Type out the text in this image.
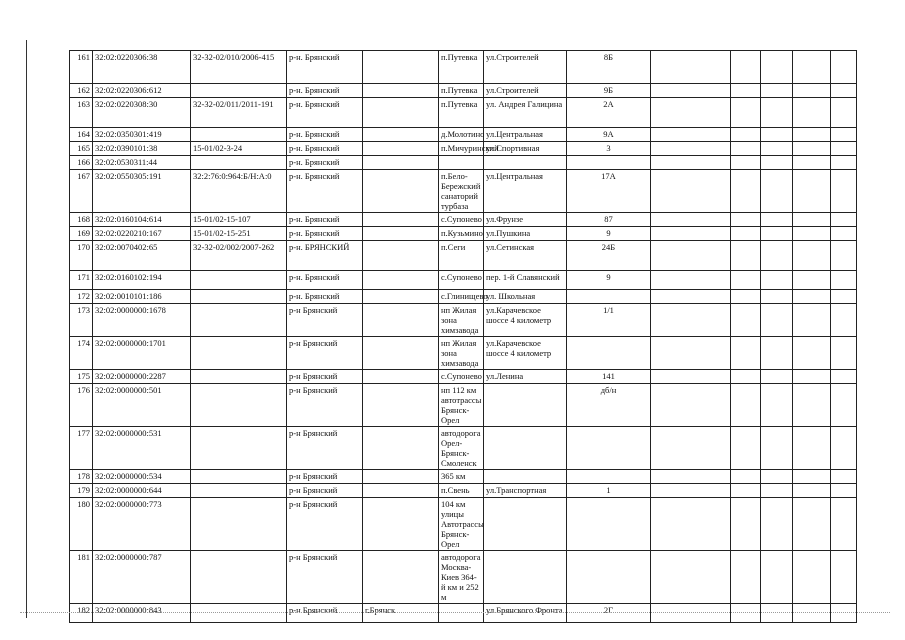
161	32:02:0220306:38	32-32-02/010/2006-415	р-н. Брянский		п.Путевка	ул.Строителей	8Б					
162	32:02:0220306:612		р-н. Брянский		п.Путевка	ул.Строителей	9Б					
163	32:02:0220308:30	32-32-02/011/2011-191	р-н. Брянский		п.Путевка	ул. Андрея Галицина	2А					
164	32:02:0350301:419		р-н. Брянский		д.Молотино	ул.Центральная	9А					
165	32:02:0390101:38	15-01/02-3-24	р-н. Брянский		п.Мичуринский	ул.Спортивная	3					
166	32:02:0530311:44		р-н. Брянский									
167	32:02:0550305:191	32:2:76:0:964:Б/Н:А:0	р-н. Брянский		п.Бело-Бережский санаторий турбаза	ул.Центральная	17А					
168	32:02:0160104:614	15-01/02-15-107	р-н. Брянский		с.Супонево	ул.Фрунзе	87					
169	32:02:0220210:167	15-01/02-15-251	р-н. Брянский		п.Кузьмино	ул.Пушкина	9					
170	32:02:0070402:65	32-32-02/002/2007-262	р-н. БРЯНСКИЙ		п.Сеги	ул.Сетинская	24Б					
171	32:02:0160102:194		р-н. Брянский		с.Супонево	пер. 1-й Славянский	9					
172	32:02:0010101:186		р-н. Брянский		с.Глинищево	ул. Школьная						
173	32:02:0000000:1678		р-н Брянский		нп Жилая зона химзавода	ул.Карачевское шоссе 4 километр	1/1					
174	32:02:0000000:1701		р-н Брянский		нп Жилая зона химзавода	ул.Карачевское шоссе 4 километр						
175	32:02:0000000:2287		р-н Брянский		с.Супонево	ул.Ленина	141					
176	32:02:0000000:501		р-н Брянский		нп 112 км автотрассы Брянск-Орел		дб/н					
177	32:02:0000000:531		р-н Брянский		автодорога Орел-Брянск-Смоленск							
178	32:02:0000000:534		р-н Брянский		365 км							
179	32:02:0000000:644		р-н Брянский		п.Свень	ул.Транспортная	1					
180	32:02:0000000:773		р-н Брянский		104 км улицы Автотрассы Брянск-Орел							
181	32:02:0000000:787		р-н Брянский		автодорога Москва-Киев 364-й км и 252 м							
182	32:02:0000000:843		р-н Брянский	г.Брянск		ул.Брянского Фронта	2Г					
